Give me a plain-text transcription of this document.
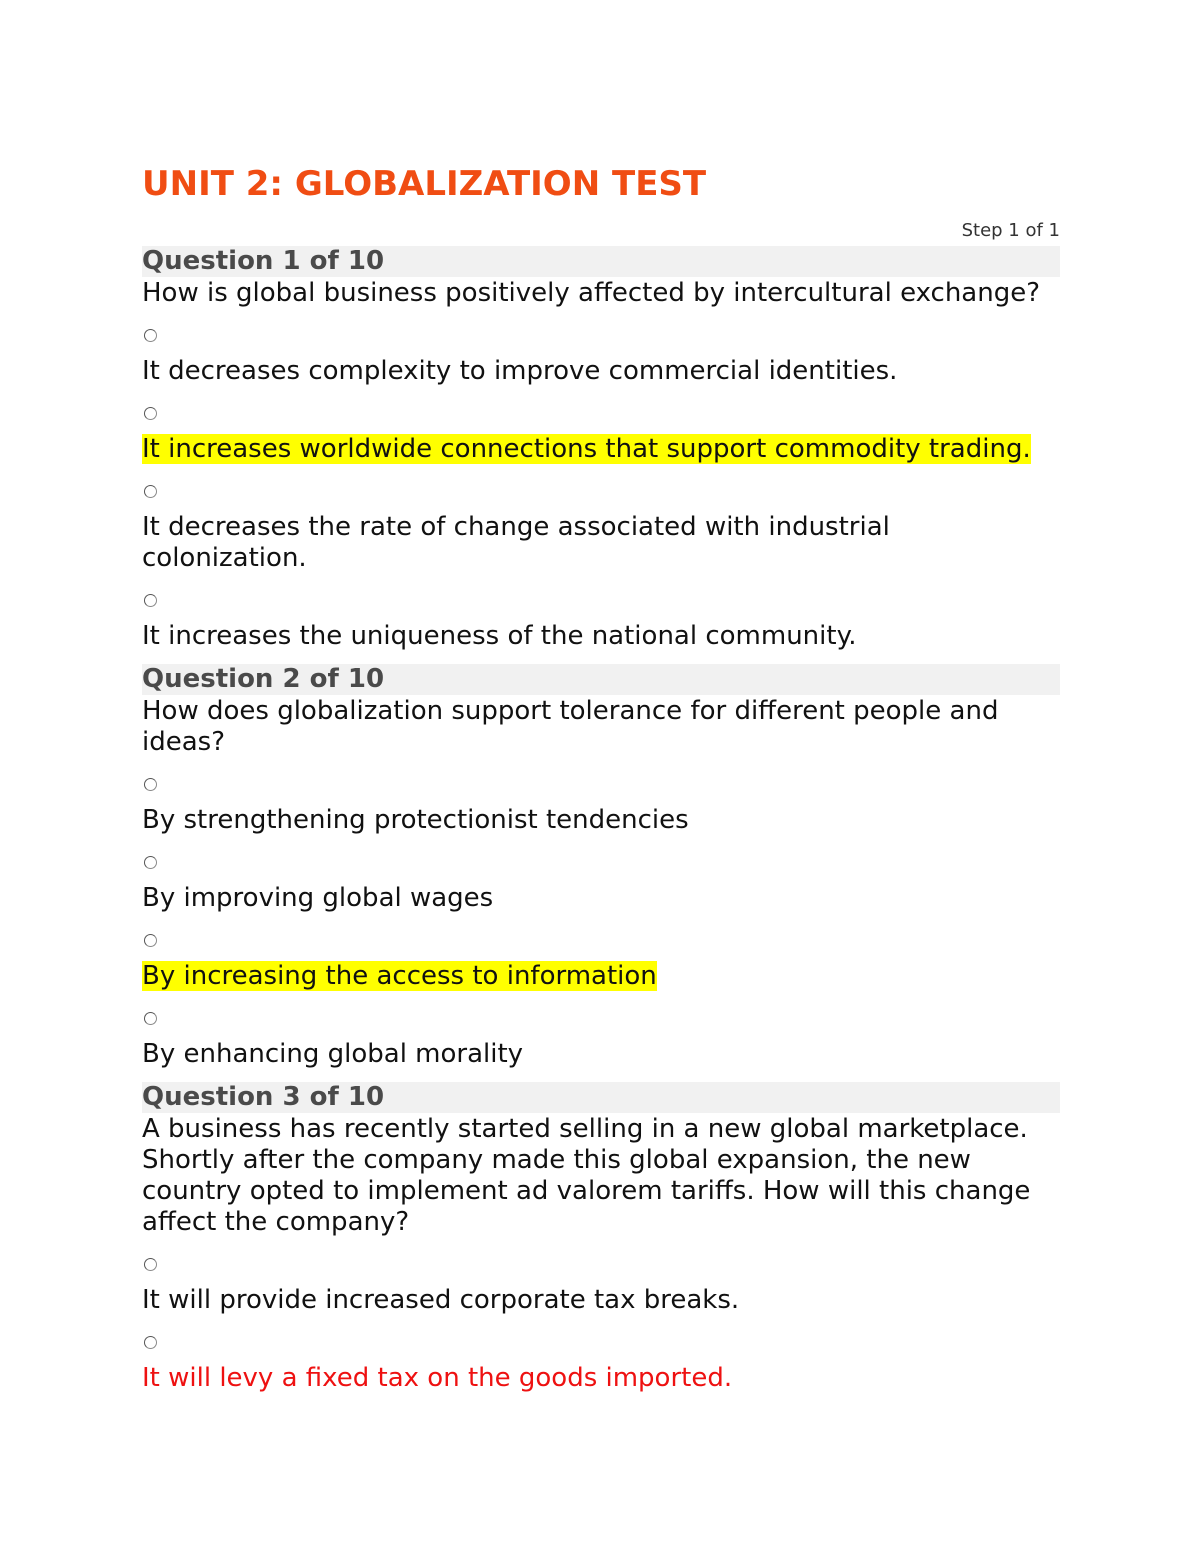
UNIT 2: GLOBALIZATION TEST
Step 1 of 1
Question 1 of 10
How is global business positively affected by intercultural exchange?
It decreases complexity to improve commercial identities.
It increases worldwide connections that support commodity trading.
It decreases the rate of change associated with industrial colonization.
It increases the uniqueness of the national community.
Question 2 of 10
How does globalization support tolerance for different people and ideas?
By strengthening protectionist tendencies
By improving global wages
By increasing the access to information
By enhancing global morality
Question 3 of 10
A business has recently started selling in a new global marketplace. Shortly after the company made this global expansion, the new country opted to implement ad valorem tariffs. How will this change affect the company?
It will provide increased corporate tax breaks.
It will levy a fixed tax on the goods imported.
